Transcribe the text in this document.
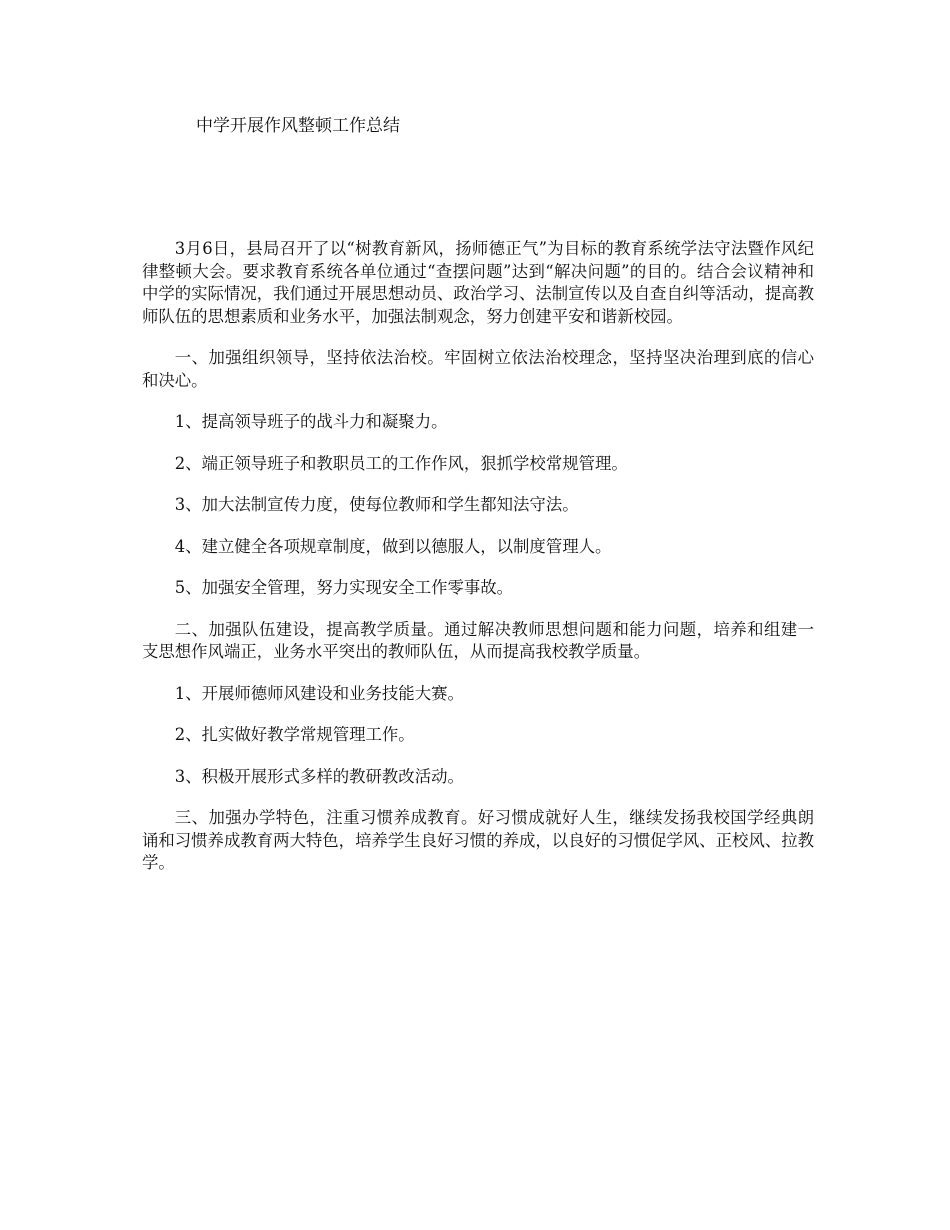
中学开展作风整顿工作总结

3月6日，县局召开了以“树教育新风，扬师德正气”为目标的教育系统学法守法暨作风纪律整顿大会。要求教育系统各单位通过“查摆问题”达到“解决问题”的目的。结合会议精神和中学的实际情况，我们通过开展思想动员、政治学习、法制宣传以及自查自纠等活动，提高教师队伍的思想素质和业务水平，加强法制观念，努力创建平安和谐新校园。

一、加强组织领导，坚持依法治校。牢固树立依法治校理念，坚持坚决治理到底的信心和决心。

1、提高领导班子的战斗力和凝聚力。

2、端正领导班子和教职员工的工作作风，狠抓学校常规管理。

3、加大法制宣传力度，使每位教师和学生都知法守法。

4、建立健全各项规章制度，做到以德服人，以制度管理人。

5、加强安全管理，努力实现安全工作零事故。

二、加强队伍建设，提高教学质量。通过解决教师思想问题和能力问题，培养和组建一支思想作风端正，业务水平突出的教师队伍，从而提高我校教学质量。

1、开展师德师风建设和业务技能大赛。

2、扎实做好教学常规管理工作。

3、积极开展形式多样的教研教改活动。

三、加强办学特色，注重习惯养成教育。好习惯成就好人生，继续发扬我校国学经典朗诵和习惯养成教育两大特色，培养学生良好习惯的养成，以良好的习惯促学风、正校风、拉教学。
